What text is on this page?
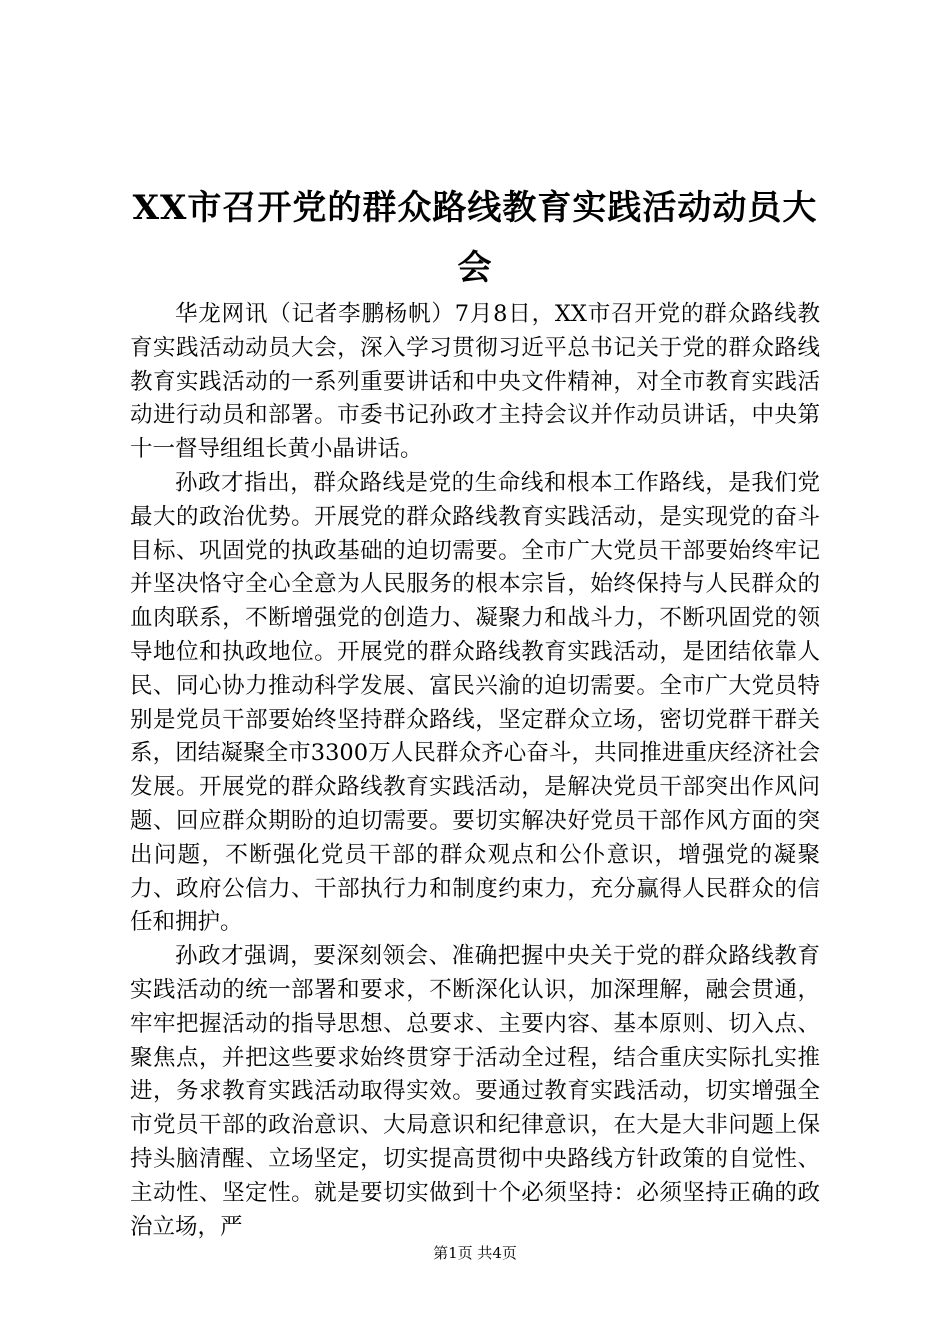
XX市召开党的群众路线教育实践活动动员大会

华龙网讯（记者李鹏杨帆）7月8日，XX市召开党的群众路线教育实践活动动员大会，深入学习贯彻习近平总书记关于党的群众路线教育实践活动的一系列重要讲话和中央文件精神，对全市教育实践活动进行动员和部署。市委书记孙政才主持会议并作动员讲话，中央第十一督导组组长黄小晶讲话。

孙政才指出，群众路线是党的生命线和根本工作路线，是我们党最大的政治优势。开展党的群众路线教育实践活动，是实现党的奋斗目标、巩固党的执政基础的迫切需要。全市广大党员干部要始终牢记并坚决恪守全心全意为人民服务的根本宗旨，始终保持与人民群众的血肉联系，不断增强党的创造力、凝聚力和战斗力，不断巩固党的领导地位和执政地位。开展党的群众路线教育实践活动，是团结依靠人民、同心协力推动科学发展、富民兴渝的迫切需要。全市广大党员特别是党员干部要始终坚持群众路线，坚定群众立场，密切党群干群关系，团结凝聚全市3300万人民群众齐心奋斗，共同推进重庆经济社会发展。开展党的群众路线教育实践活动，是解决党员干部突出作风问题、回应群众期盼的迫切需要。要切实解决好党员干部作风方面的突出问题，不断强化党员干部的群众观点和公仆意识，增强党的凝聚力、政府公信力、干部执行力和制度约束力，充分赢得人民群众的信任和拥护。

孙政才强调，要深刻领会、准确把握中央关于党的群众路线教育实践活动的统一部署和要求，不断深化认识，加深理解，融会贯通，牢牢把握活动的指导思想、总要求、主要内容、基本原则、切入点、聚焦点，并把这些要求始终贯穿于活动全过程，结合重庆实际扎实推进，务求教育实践活动取得实效。要通过教育实践活动，切实增强全市党员干部的政治意识、大局意识和纪律意识，在大是大非问题上保持头脑清醒、立场坚定，切实提高贯彻中央路线方针政策的自觉性、主动性、坚定性。就是要切实做到十个必须坚持：必须坚持正确的政治立场，严

第1页 共4页
